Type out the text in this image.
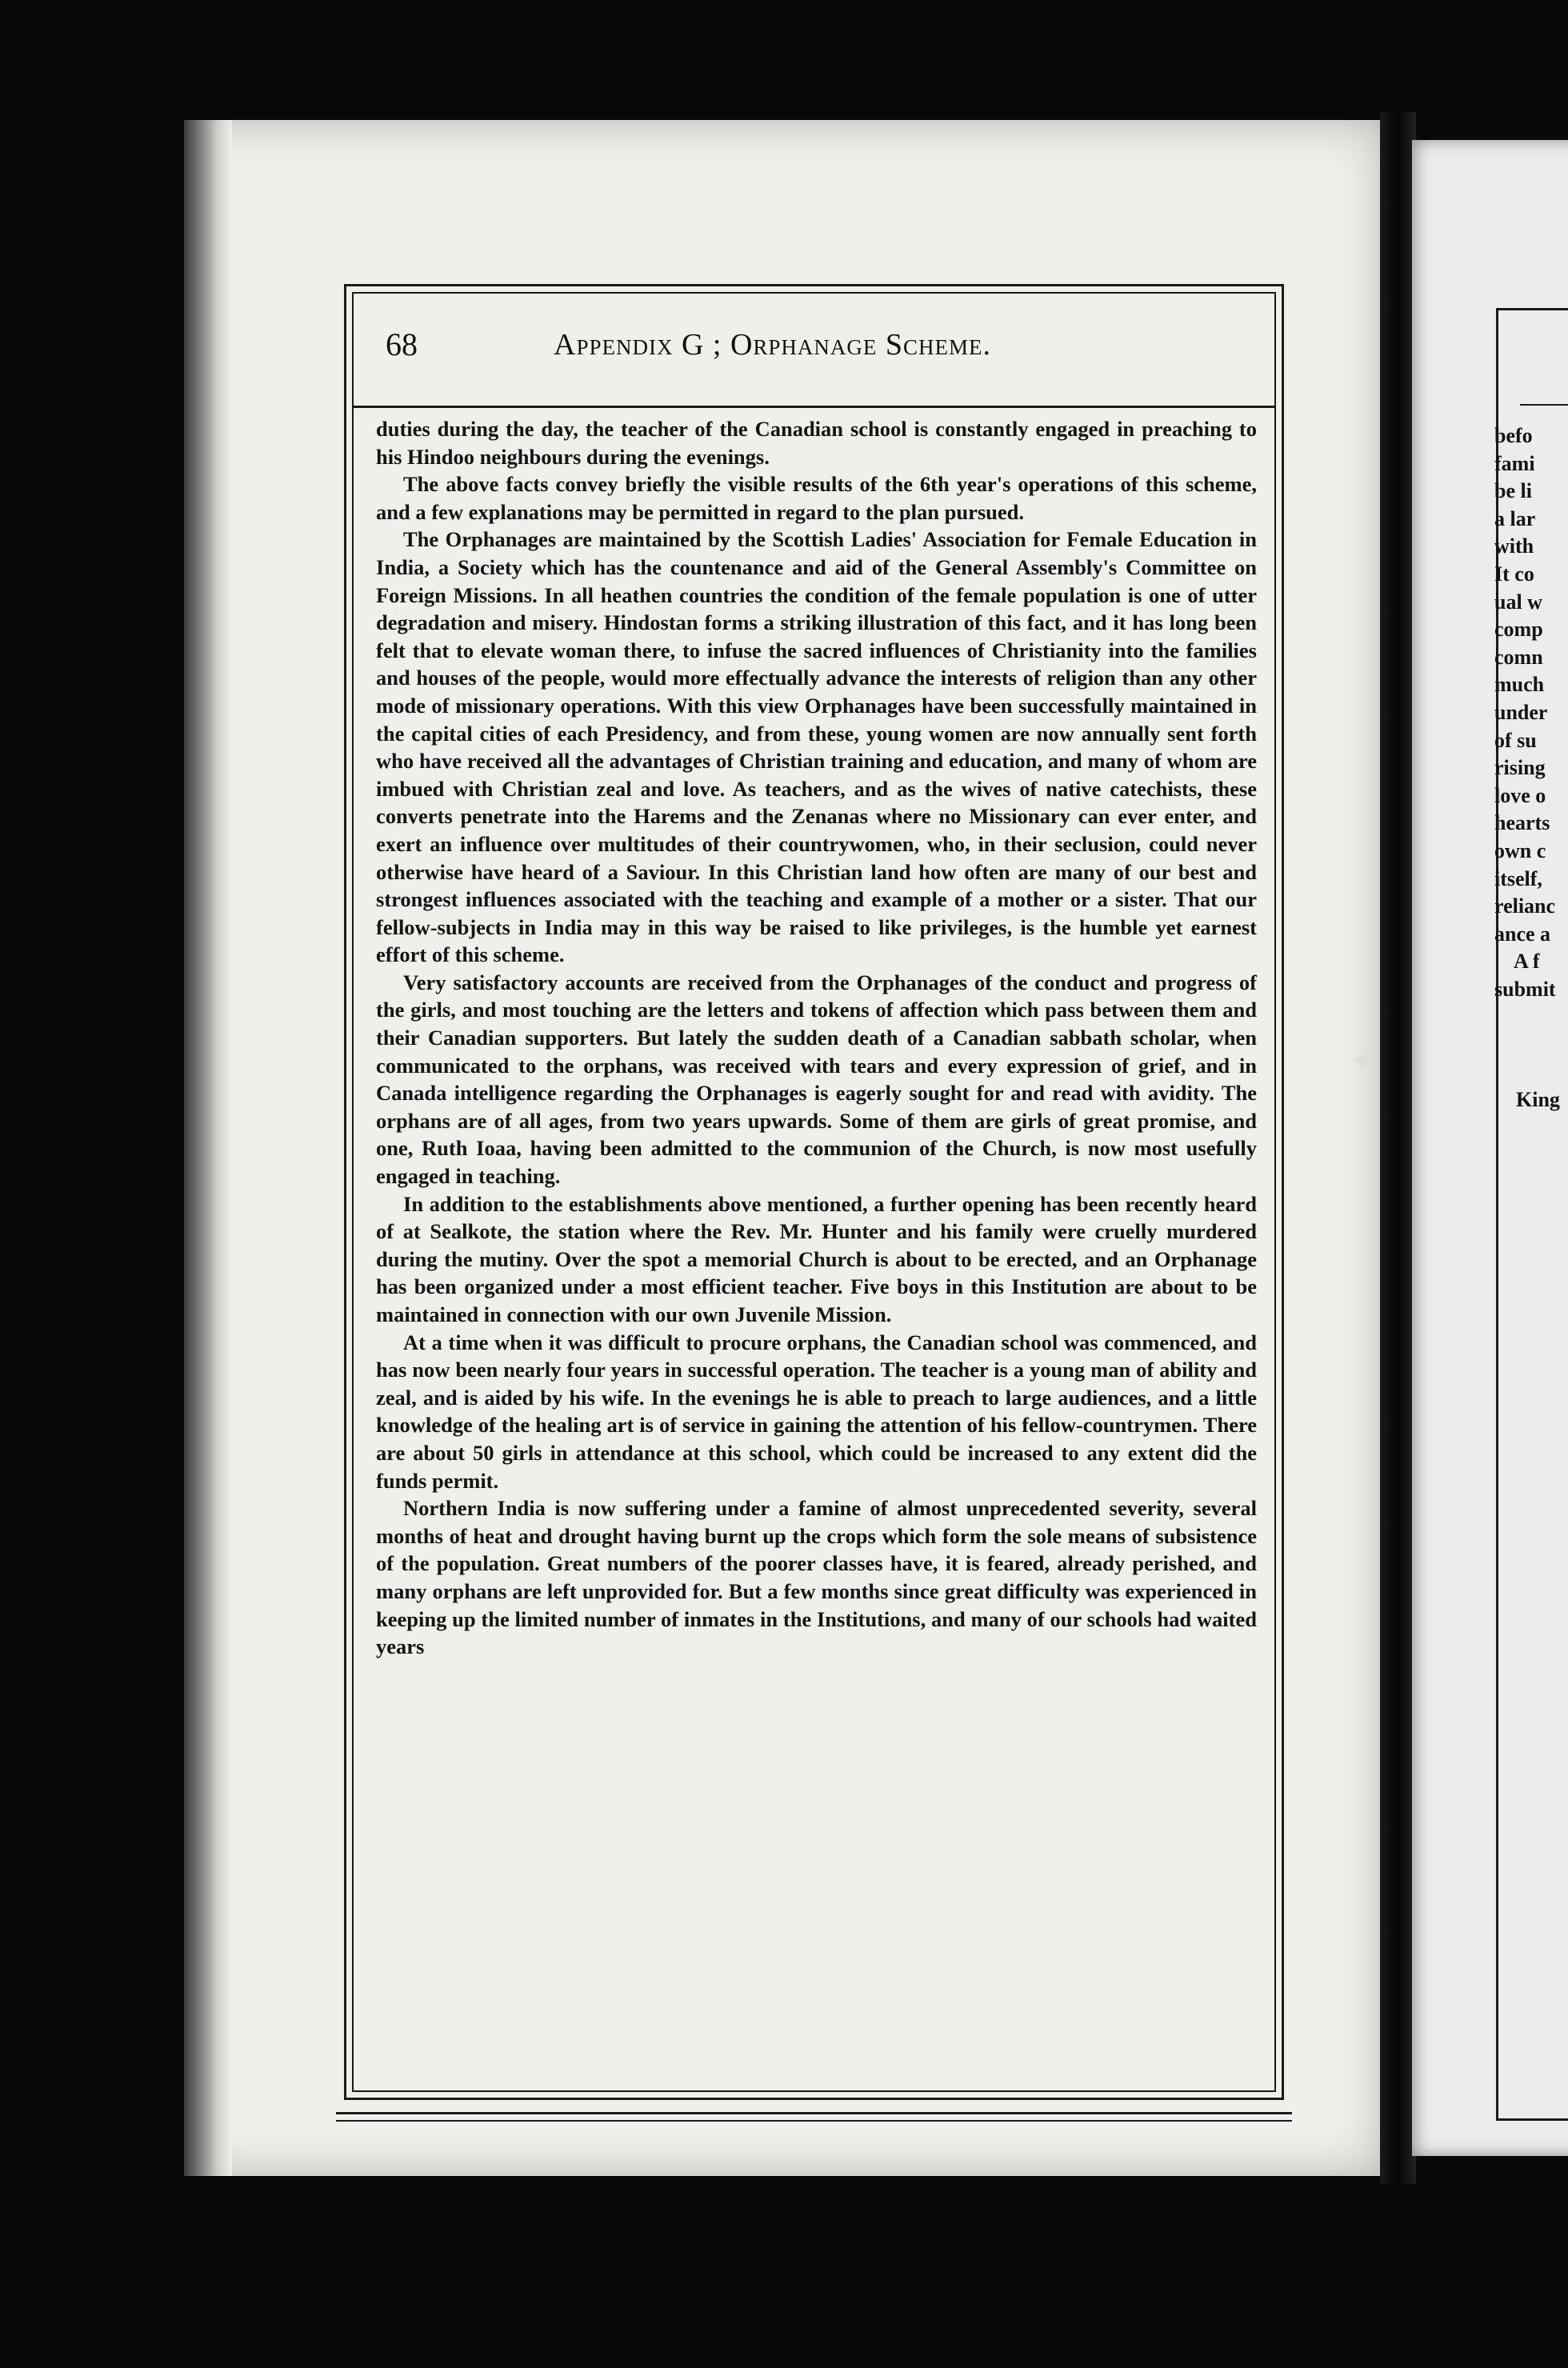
68	Appendix G ; Orphanage Scheme.

duties during the day, the teacher of the Canadian school is constantly engaged in preaching to his Hindoo neighbours during the evenings.

The above facts convey briefly the visible results of the 6th year's operations of this scheme, and a few explanations may be permitted in regard to the plan pursued.

The Orphanages are maintained by the Scottish Ladies' Association for Female Education in India, a Society which has the countenance and aid of the General Assembly's Committee on Foreign Missions. In all heathen countries the condition of the female population is one of utter degradation and misery. Hindostan forms a striking illustration of this fact, and it has long been felt that to elevate woman there, to infuse the sacred influences of Christianity into the families and houses of the people, would more effectually advance the interests of religion than any other mode of missionary operations. With this view Orphanages have been successfully maintained in the capital cities of each Presidency, and from these, young women are now annually sent forth who have received all the advantages of Christian training and education, and many of whom are imbued with Christian zeal and love. As teachers, and as the wives of native catechists, these converts penetrate into the Harems and the Zenanas where no Missionary can ever enter, and exert an influence over multitudes of their countrywomen, who, in their seclusion, could never otherwise have heard of a Saviour. In this Christian land how often are many of our best and strongest influences associated with the teaching and example of a mother or a sister. That our fellow-subjects in India may in this way be raised to like privileges, is the humble yet earnest effort of this scheme.

Very satisfactory accounts are received from the Orphanages of the conduct and progress of the girls, and most touching are the letters and tokens of affection which pass between them and their Canadian supporters. But lately the sudden death of a Canadian sabbath scholar, when communicated to the orphans, was received with tears and every expression of grief, and in Canada intelligence regarding the Orphanages is eagerly sought for and read with avidity. The orphans are of all ages, from two years upwards. Some of them are girls of great promise, and one, Ruth Ioaa, having been admitted to the communion of the Church, is now most usefully engaged in teaching.

In addition to the establishments above mentioned, a further opening has been recently heard of at Sealkote, the station where the Rev. Mr. Hunter and his family were cruelly murdered during the mutiny. Over the spot a memorial Church is about to be erected, and an Orphanage has been organized under a most efficient teacher. Five boys in this Institution are about to be maintained in connection with our own Juvenile Mission.

At a time when it was difficult to procure orphans, the Canadian school was commenced, and has now been nearly four years in successful operation. The teacher is a young man of ability and zeal, and is aided by his wife. In the evenings he is able to preach to large audiences, and a little knowledge of the healing art is of service in gaining the attention of his fellow-countrymen. There are about 50 girls in attendance at this school, which could be increased to any extent did the funds permit.

Northern India is now suffering under a famine of almost unprecedented severity, several months of heat and drought having burnt up the crops which form the sole means of subsistence of the population. Great numbers of the poorer classes have, it is feared, already perished, and many orphans are left unprovided for. But a few months since great difficulty was experienced in keeping up the limited number of inmates in the Institutions, and many of our schools had waited years

befo
fami
be li
a lar
with
It co
ual w
comp
comn
much
under
of su
rising
love o
hearts
own c
itself,
relianc
ance a
A f
submit
King
✦
